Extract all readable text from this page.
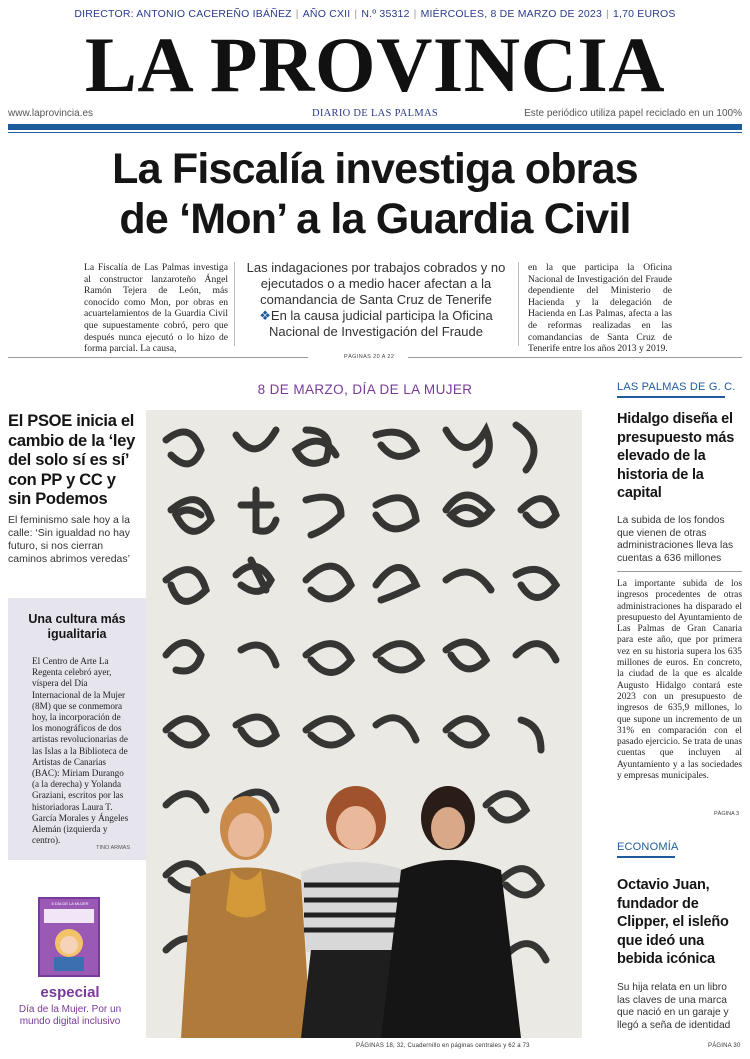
DIRECTOR: ANTONIO CACEREÑO IBÁÑEZ | AÑO CXII | N.º 35312 | MIÉRCOLES, 8 DE MARZO DE 2023 | 1,70 EUROS
LA PROVINCIA
www.laprovincia.es	DIARIO DE LAS PALMAS	Este periódico utiliza papel reciclado en un 100%
La Fiscalía investiga obras
de ‘Mon’ a la Guardia Civil
La Fiscalía de Las Palmas investiga al constructor lanzaroteño Ángel Ramón Tejera de León, más conocido como Mon, por obras en acuartelamientos de la Guardia Civil que supuestamente cobró, pero que después nunca ejecutó o lo hizo de forma parcial. La causa,
Las indagaciones por trabajos cobrados y no ejecutados o a medio hacer afectan a la comandancia de Santa Cruz de Tenerife
❖En la causa judicial participa la Oficina Nacional de Investigación del Fraude
en la que participa la Oficina Nacional de Investigación del Fraude dependiente del Ministerio de Hacienda y la delegación de Hacienda en Las Palmas, afecta a las de reformas realizadas en las comandancias de Santa Cruz de Tenerife entre los años 2013 y 2019.
PÁGINAS 20 A 22
8 DE MARZO, DÍA DE LA MUJER
El PSOE inicia el cambio de la ‘ley del solo sí es sí’ con PP y CC y sin Podemos
El feminismo sale hoy a la calle: ‘Sin igualdad no hay futuro, si nos cierran caminos abrimos veredas’
Una cultura más igualitaria
El Centro de Arte La Regenta celebró ayer, víspera del Día Internacional de la Mujer (8M) que se conmemora hoy, la incorporación de los monográficos de dos artistas revolucionarias de las Islas a la Biblioteca de Artistas de Canarias (BAC): Míriam Durango (a la derecha) y Yolanda Graziani, escritos por las historiadoras Laura T. García Morales y Ángeles Alemán (izquierda y centro).
TINO ARMAS
8 DÍA DE LA MUJER
especial
Día de la Mujer. Por un mundo digital inclusivo
LAS PALMAS DE G. C.
Hidalgo diseña el presupuesto más elevado de la historia de la capital
La subida de los fondos que vienen de otras administraciones lleva las cuentas a 636 millones
La importante subida de los ingresos procedentes de otras administraciones ha disparado el presupuesto del Ayuntamiento de Las Palmas de Gran Canaria para este año, que por primera vez en su historia supera los 635 millones de euros. En concreto, la ciudad de la que es alcalde Augusto Hidalgo contará este 2023 con un presupuesto de ingresos de 635,9 millones, lo que supone un incremento de un 31% en comparación con el pasado ejercicio. Se trata de unas cuentas que incluyen al Ayuntamiento y a las sociedades y empresas municipales.
PÁGINA 3
ECONOMÍA
Octavio Juan, fundador de Clipper, el isleño que ideó una bebida icónica
Su hija relata en un libro las claves de una marca que nació en un garaje y llegó a seña de identidad
PÁGINAS 18, 32, Cuadernillo en páginas centrales y 62 a 73	PÁGINA 30
